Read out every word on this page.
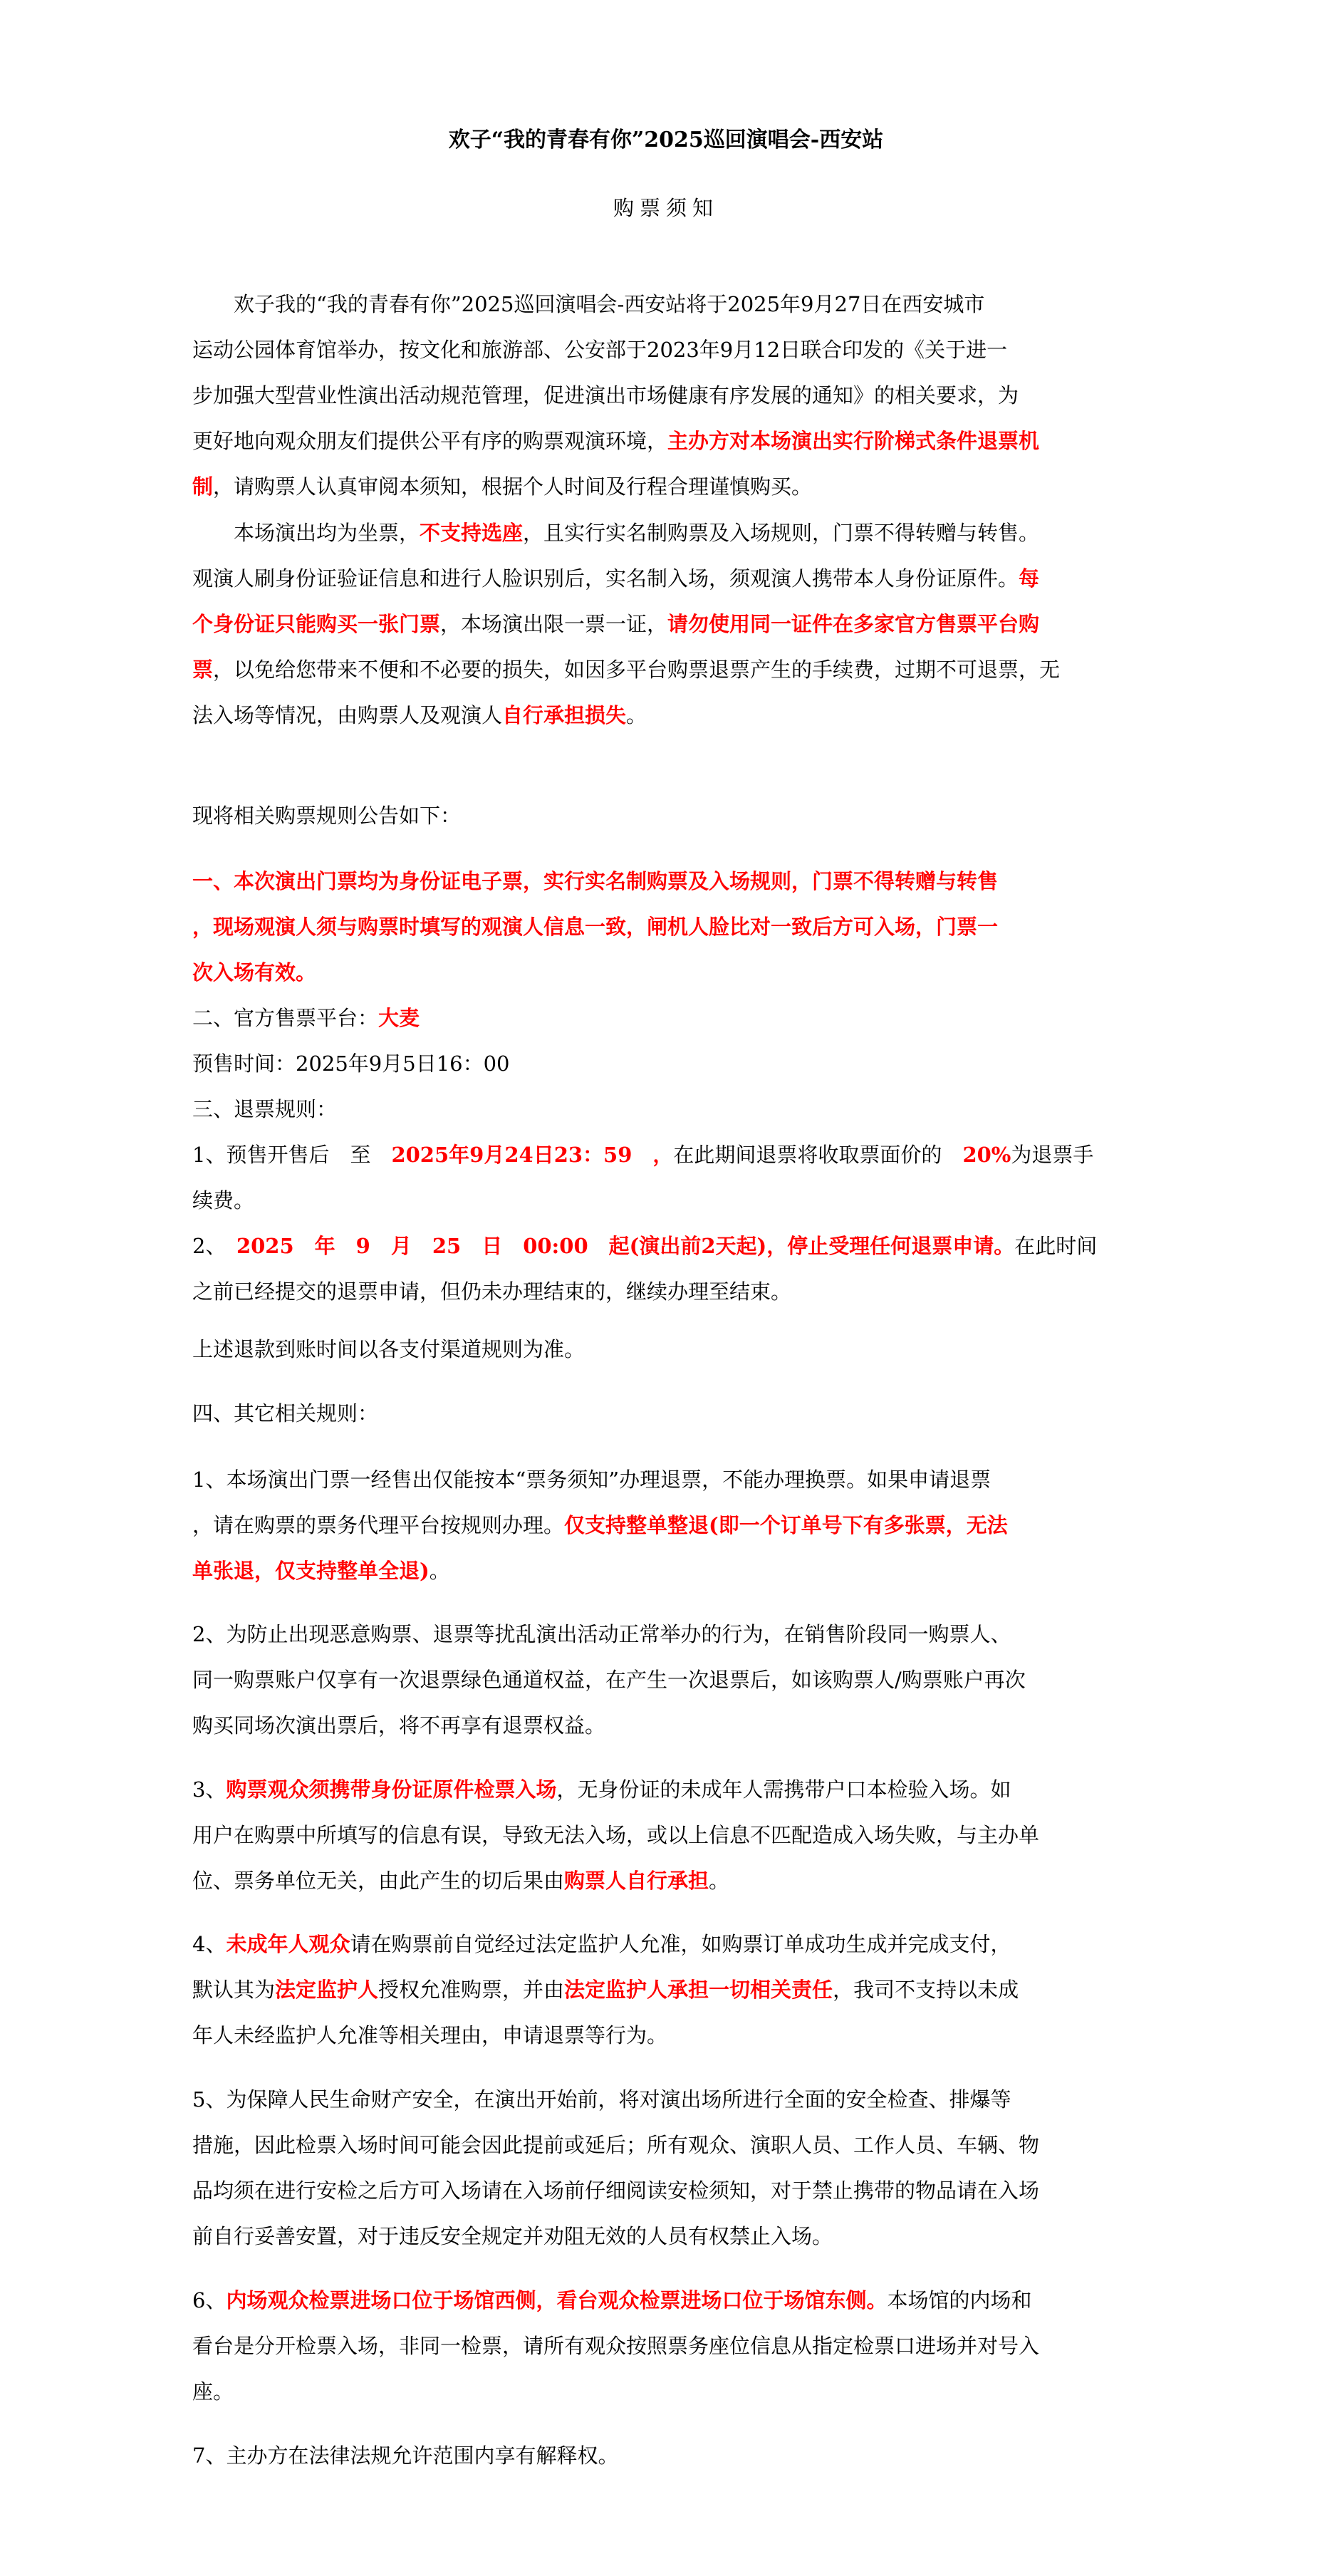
欢子“我的青春有你”2025巡回演唱会-西安站
购票须知
　　欢子我的“我的青春有你”2025巡回演唱会-西安站将于2025年9月27日在西安城市
运动公园体育馆举办，按文化和旅游部、公安部于2023年9月12日联合印发的《关于进一
步加强大型营业性演出活动规范管理，促进演出市场健康有序发展的通知》的相关要求，为
更好地向观众朋友们提供公平有序的购票观演环境， 主办方对本场演出实行阶梯式条件退票机
制 ，请购票人认真审阅本须知，根据个人时间及行程合理谨慎购买。
　　本场演出均为坐票， 不支持选座 ，且实行实名制购票及入场规则，门票不得转赠与转售。
观演人刷身份证验证信息和进行人脸识别后，实名制入场，须观演人携带本人身份证原件。 每
个身份证只能购买一张门票 ，本场演出限一票一证， 请勿使用同一证件在多家官方售票平台购
票 ，以免给您带来不便和不必要的损失，如因多平台购票退票产生的手续费，过期不可退票，无
法入场等情况，由购票人及观演人 自行承担损失 。
现将相关购票规则公告如下：
一、本次演出门票均为身份证电子票，实行实名制购票及入场规则，门票不得转赠与转售
，现场观演人须与购票时填写的观演人信息一致，闸机人脸比对一致后方可入场，门票一
次入场有效。
二、官方售票平台： 大麦
预售时间：2025年9月5日16：00
三、退票规则：
1、预售开售后　至　 2025年9月24日23：59　， 在此期间退票将收取票面价的　 20% 为退票手
续费。
2、　 2025　年　9　月　25　日　00:00　起(演出前2天起)，停止受理任何退票申请。 在此时间
之前已经提交的退票申请，但仍未办理结束的，继续办理至结束。
上述退款到账时间以各支付渠道规则为准。
四、其它相关规则：
1、本场演出门票一经售出仅能按本“票务须知”办理退票，不能办理换票。如果申请退票
，请在购票的票务代理平台按规则办理。 仅支持整单整退(即一个订单号下有多张票，无法
单张退，仅支持整单全退) 。
2、为防止出现恶意购票、退票等扰乱演出活动正常举办的行为，在销售阶段同一购票人、
同一购票账户仅享有一次退票绿色通道权益，在产生一次退票后，如该购票人/购票账户再次
购买同场次演出票后，将不再享有退票权益。
3、 购票观众须携带身份证原件检票入场 ，无身份证的未成年人需携带户口本检验入场。如
用户在购票中所填写的信息有误，导致无法入场，或以上信息不匹配造成入场失败，与主办单
位、票务单位无关，由此产生的切后果由 购票人自行承担 。
4、 未成年人观众 请在购票前自觉经过法定监护人允准，如购票订单成功生成并完成支付，
默认其为 法定监护人 授权允准购票，并由 法定监护人承担一切相关责任 ，我司不支持以未成
年人未经监护人允准等相关理由，申请退票等行为。
5、为保障人民生命财产安全，在演出开始前，将对演出场所进行全面的安全检查、排爆等
措施，因此检票入场时间可能会因此提前或延后；所有观众、演职人员、工作人员、车辆、物
品均须在进行安检之后方可入场请在入场前仔细阅读安检须知，对于禁止携带的物品请在入场
前自行妥善安置，对于违反安全规定并劝阻无效的人员有权禁止入场。
6、 内场观众检票进场口位于场馆西侧，看台观众检票进场口位于场馆东侧。 本场馆的内场和
看台是分开检票入场，非同一检票，请所有观众按照票务座位信息从指定检票口进场并对号入
座。
7、主办方在法律法规允许范围内享有解释权。
